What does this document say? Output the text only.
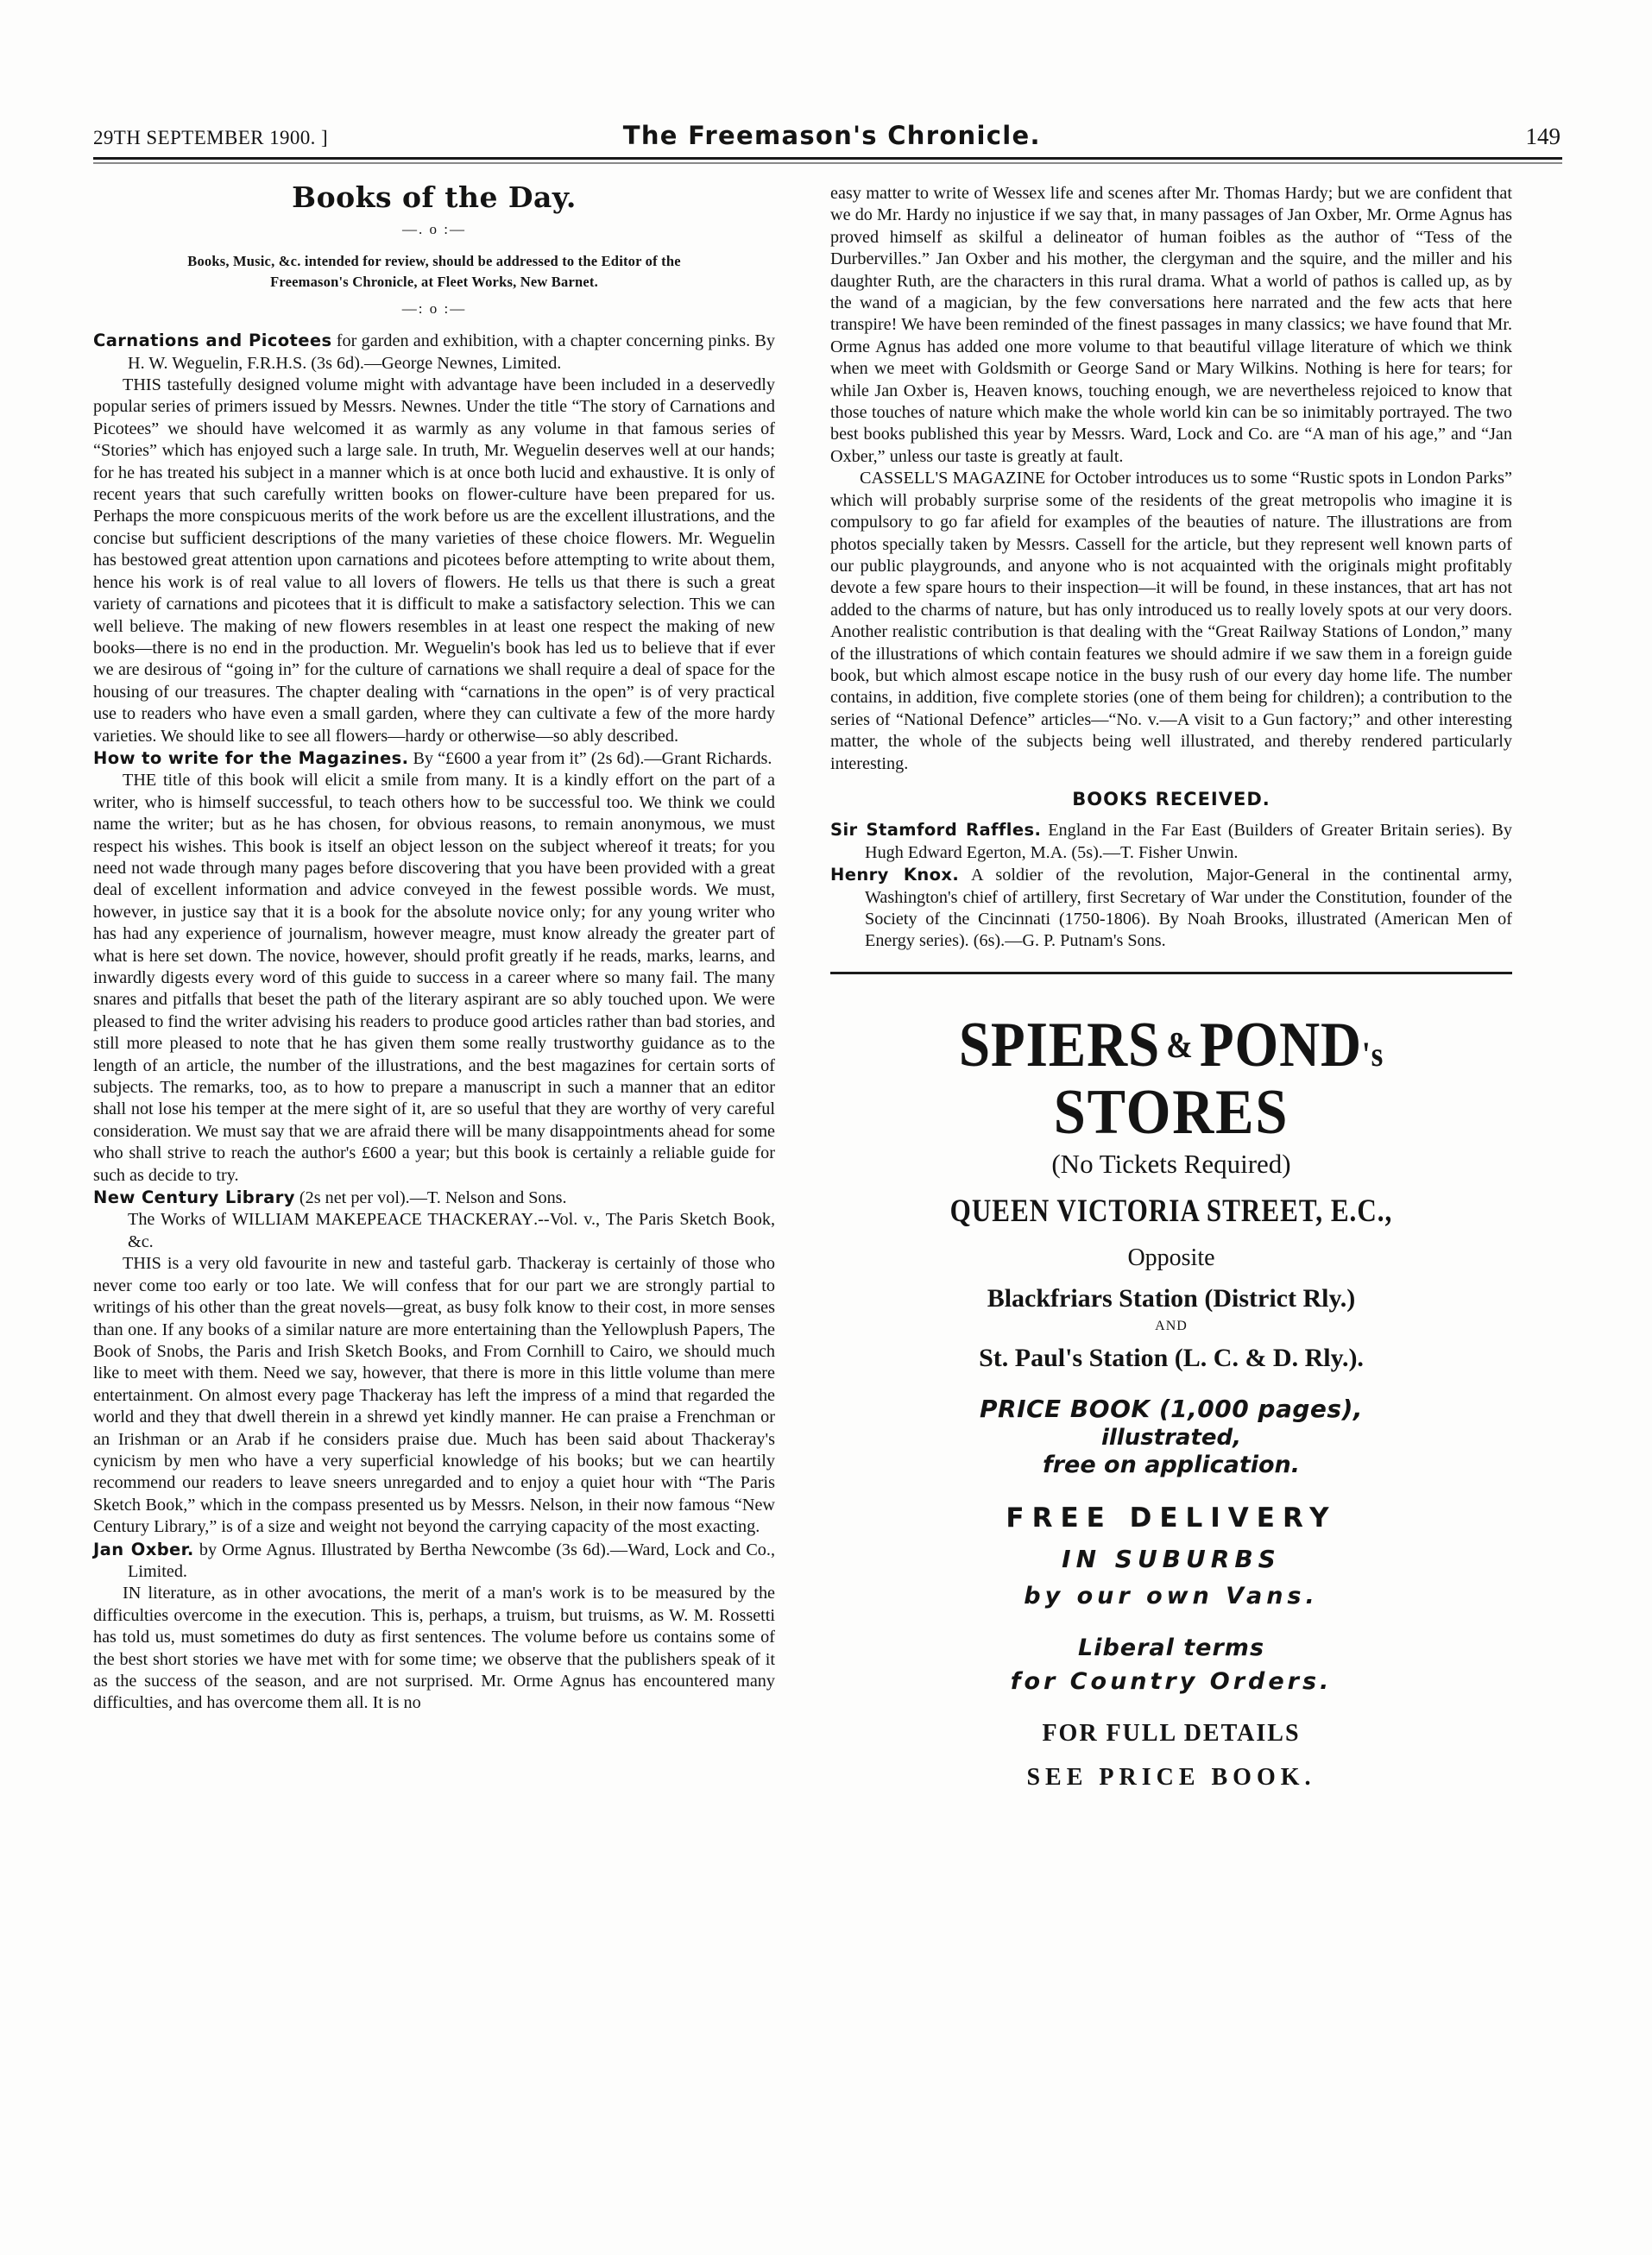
29TH SEPTEMBER 1900. ]	The Freemason's Chronicle.	149
Books of the Day.
—. o :—
Books, Music, &c. intended for review, should be addressed to the Editor of the
Freemason's Chronicle, at Fleet Works, New Barnet.
—: o :—

Carnations and Picotees for garden and exhibition, with a chapter concerning pinks. By H. W. Weguelin, F.R.H.S. (3s 6d).—George Newnes, Limited.

THIS tastefully designed volume might with advantage have been included in a deservedly popular series of primers issued by Messrs. Newnes. Under the title “The story of Carnations and Picotees” we should have welcomed it as warmly as any volume in that famous series of “Stories” which has enjoyed such a large sale. In truth, Mr. Weguelin deserves well at our hands; for he has treated his subject in a manner which is at once both lucid and exhaustive. It is only of recent years that such carefully written books on flower-culture have been prepared for us. Perhaps the more conspicuous merits of the work before us are the excellent illustrations, and the concise but sufficient descriptions of the many varieties of these choice flowers. Mr. Weguelin has bestowed great attention upon carnations and picotees before attempting to write about them, hence his work is of real value to all lovers of flowers. He tells us that there is such a great variety of carnations and picotees that it is difficult to make a satisfactory selection. This we can well believe. The making of new flowers resembles in at least one respect the making of new books—there is no end in the production. Mr. Weguelin's book has led us to believe that if ever we are desirous of “going in” for the culture of carnations we shall require a deal of space for the housing of our treasures. The chapter dealing with “carnations in the open” is of very practical use to readers who have even a small garden, where they can cultivate a few of the more hardy varieties. We should like to see all flowers—hardy or otherwise—so ably described.

How to write for the Magazines. By “£600 a year from it” (2s 6d).—Grant Richards.

THE title of this book will elicit a smile from many. It is a kindly effort on the part of a writer, who is himself successful, to teach others how to be successful too. We think we could name the writer; but as he has chosen, for obvious reasons, to remain anonymous, we must respect his wishes. This book is itself an object lesson on the subject whereof it treats; for you need not wade through many pages before discovering that you have been provided with a great deal of excellent information and advice conveyed in the fewest possible words. We must, however, in justice say that it is a book for the absolute novice only; for any young writer who has had any experience of journalism, however meagre, must know already the greater part of what is here set down. The novice, however, should profit greatly if he reads, marks, learns, and inwardly digests every word of this guide to success in a career where so many fail. The many snares and pitfalls that beset the path of the literary aspirant are so ably touched upon. We were pleased to find the writer advising his readers to produce good articles rather than bad stories, and still more pleased to note that he has given them some really trustworthy guidance as to the length of an article, the number of the illustrations, and the best magazines for certain sorts of subjects. The remarks, too, as to how to prepare a manuscript in such a manner that an editor shall not lose his temper at the mere sight of it, are so useful that they are worthy of very careful consideration. We must say that we are afraid there will be many disappointments ahead for some who shall strive to reach the author's £600 a year; but this book is certainly a reliable guide for such as decide to try.

New Century Library (2s net per vol).—T. Nelson and Sons.

The Works of WILLIAM MAKEPEACE THACKERAY.--Vol. v., The Paris Sketch Book, &c.

THIS is a very old favourite in new and tasteful garb. Thackeray is certainly of those who never come too early or too late. We will confess that for our part we are strongly partial to writings of his other than the great novels—great, as busy folk know to their cost, in more senses than one. If any books of a similar nature are more entertaining than the Yellowplush Papers, The Book of Snobs, the Paris and Irish Sketch Books, and From Cornhill to Cairo, we should much like to meet with them. Need we say, however, that there is more in this little volume than mere entertainment. On almost every page Thackeray has left the impress of a mind that regarded the world and they that dwell therein in a shrewd yet kindly manner. He can praise a Frenchman or an Irishman or an Arab if he considers praise due. Much has been said about Thackeray's cynicism by men who have a very superficial knowledge of his books; but we can heartily recommend our readers to leave sneers unregarded and to enjoy a quiet hour with “The Paris Sketch Book,” which in the compass presented us by Messrs. Nelson, in their now famous “New Century Library,” is of a size and weight not beyond the carrying capacity of the most exacting.

Jan Oxber. by Orme Agnus. Illustrated by Bertha Newcombe (3s 6d).—Ward, Lock and Co., Limited.

IN literature, as in other avocations, the merit of a man's work is to be measured by the difficulties overcome in the execution. This is, perhaps, a truism, but truisms, as W. M. Rossetti has told us, must sometimes do duty as first sentences. The volume before us contains some of the best short stories we have met with for some time; we observe that the publishers speak of it as the success of the season, and are not surprised. Mr. Orme Agnus has encountered many difficulties, and has overcome them all. It is no

easy matter to write of Wessex life and scenes after Mr. Thomas Hardy; but we are confident that we do Mr. Hardy no injustice if we say that, in many passages of Jan Oxber, Mr. Orme Agnus has proved himself as skilful a delineator of human foibles as the author of “Tess of the Durbervilles.” Jan Oxber and his mother, the clergyman and the squire, and the miller and his daughter Ruth, are the characters in this rural drama. What a world of pathos is called up, as by the wand of a magician, by the few conversations here narrated and the few acts that here transpire! We have been reminded of the finest passages in many classics; we have found that Mr. Orme Agnus has added one more volume to that beautiful village literature of which we think when we meet with Goldsmith or George Sand or Mary Wilkins. Nothing is here for tears; for while Jan Oxber is, Heaven knows, touching enough, we are nevertheless rejoiced to know that those touches of nature which make the whole world kin can be so inimitably portrayed. The two best books published this year by Messrs. Ward, Lock and Co. are “A man of his age,” and “Jan Oxber,” unless our taste is greatly at fault.

CASSELL'S MAGAZINE for October introduces us to some “Rustic spots in London Parks” which will probably surprise some of the residents of the great metropolis who imagine it is compulsory to go far afield for examples of the beauties of nature. The illustrations are from photos specially taken by Messrs. Cassell for the article, but they represent well known parts of our public playgrounds, and anyone who is not acquainted with the originals might profitably devote a few spare hours to their inspection—it will be found, in these instances, that art has not added to the charms of nature, but has only introduced us to really lovely spots at our very doors. Another realistic contribution is that dealing with the “Great Railway Stations of London,” many of the illustrations of which contain features we should admire if we saw them in a foreign guide book, but which almost escape notice in the busy rush of our every day home life. The number contains, in addition, five complete stories (one of them being for children); a contribution to the series of “National Defence” articles—“No. v.—A visit to a Gun factory;” and other interesting matter, the whole of the subjects being well illustrated, and thereby rendered particularly interesting.

BOOKS RECEIVED.

Sir Stamford Raffles. England in the Far East (Builders of Greater Britain series). By Hugh Edward Egerton, M.A. (5s).—T. Fisher Unwin.

Henry Knox. A soldier of the revolution, Major-General in the continental army, Washington's chief of artillery, first Secretary of War under the Constitution, founder of the Society of the Cincinnati (1750-1806). By Noah Brooks, illustrated (American Men of Energy series). (6s).—G. P. Putnam's Sons.

SPIERS &POND's
STORES
(No Tickets Required)
QUEEN VICTORIA STREET, E.C.,
Opposite
Blackfriars Station (District Rly.)
AND
St. Paul's Station (L. C. & D. Rly.).
PRICE BOOK (1,000 pages),
illustrated,
free on application.
FREE DELIVERY
IN SUBURBS
by our own Vans.
Liberal terms
for Country Orders.
FOR FULL DETAILS
SEE PRICE BOOK.
